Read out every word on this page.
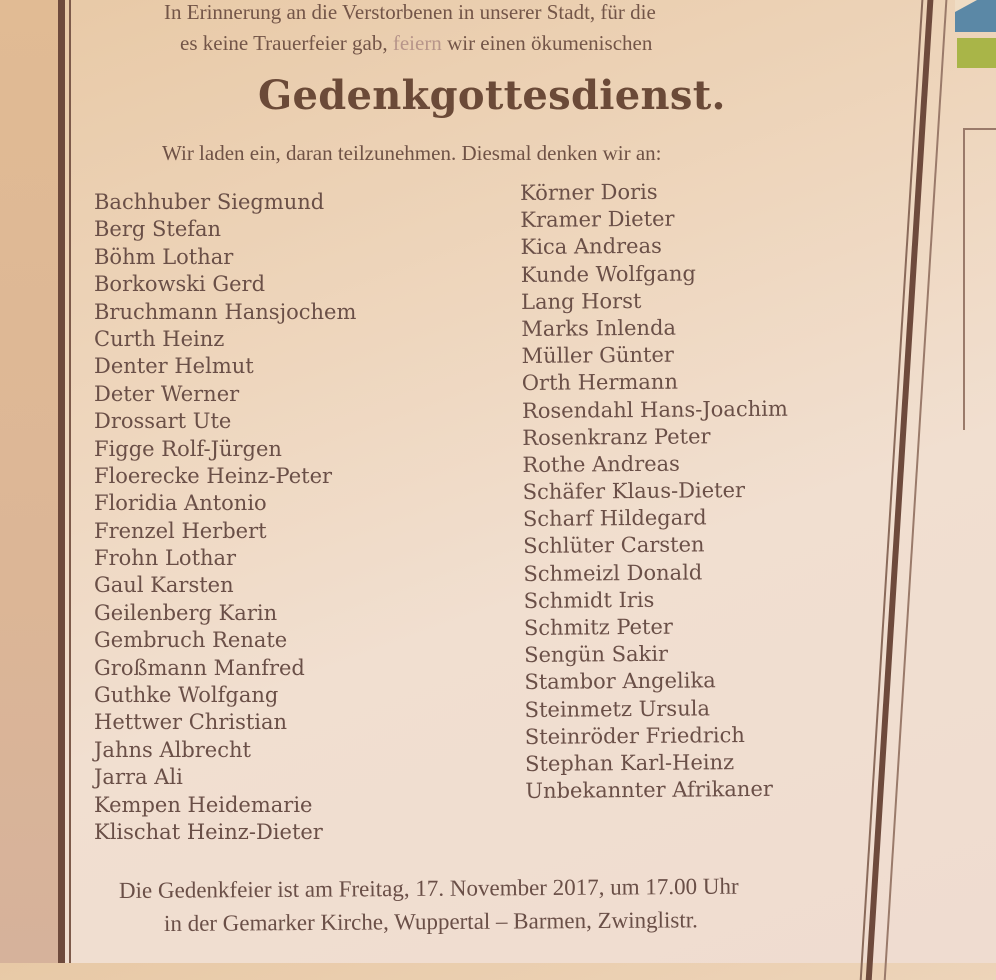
In Erinnerung an die Verstorbenen in unserer Stadt, für die
es keine Trauerfeier gab, feiern wir einen ökumenischen
Gedenkgottesdienst.
Wir laden ein, daran teilzunehmen. Diesmal denken wir an:
Bachhuber Siegmund
Berg Stefan
Böhm Lothar
Borkowski Gerd
Bruchmann Hansjochem
Curth Heinz
Denter Helmut
Deter Werner
Drossart Ute
Figge Rolf-Jürgen
Floerecke Heinz-Peter
Floridia Antonio
Frenzel Herbert
Frohn Lothar
Gaul Karsten
Geilenberg Karin
Gembruch Renate
Großmann Manfred
Guthke Wolfgang
Hettwer Christian
Jahns Albrecht
Jarra Ali
Kempen Heidemarie
Klischat Heinz-Dieter
Körner Doris
Kramer Dieter
Kica Andreas
Kunde Wolfgang
Lang Horst
Marks Inlenda
Müller Günter
Orth Hermann
Rosendahl Hans-Joachim
Rosenkranz Peter
Rothe Andreas
Schäfer Klaus-Dieter
Scharf Hildegard
Schlüter Carsten
Schmeizl Donald
Schmidt Iris
Schmitz Peter
Sengün Sakir
Stambor Angelika
Steinmetz Ursula
Steinröder Friedrich
Stephan Karl-Heinz
Unbekannter Afrikaner
Die Gedenkfeier ist am Freitag, 17. November 2017, um 17.00 Uhr
in der Gemarker Kirche, Wuppertal – Barmen, Zwinglistr.
